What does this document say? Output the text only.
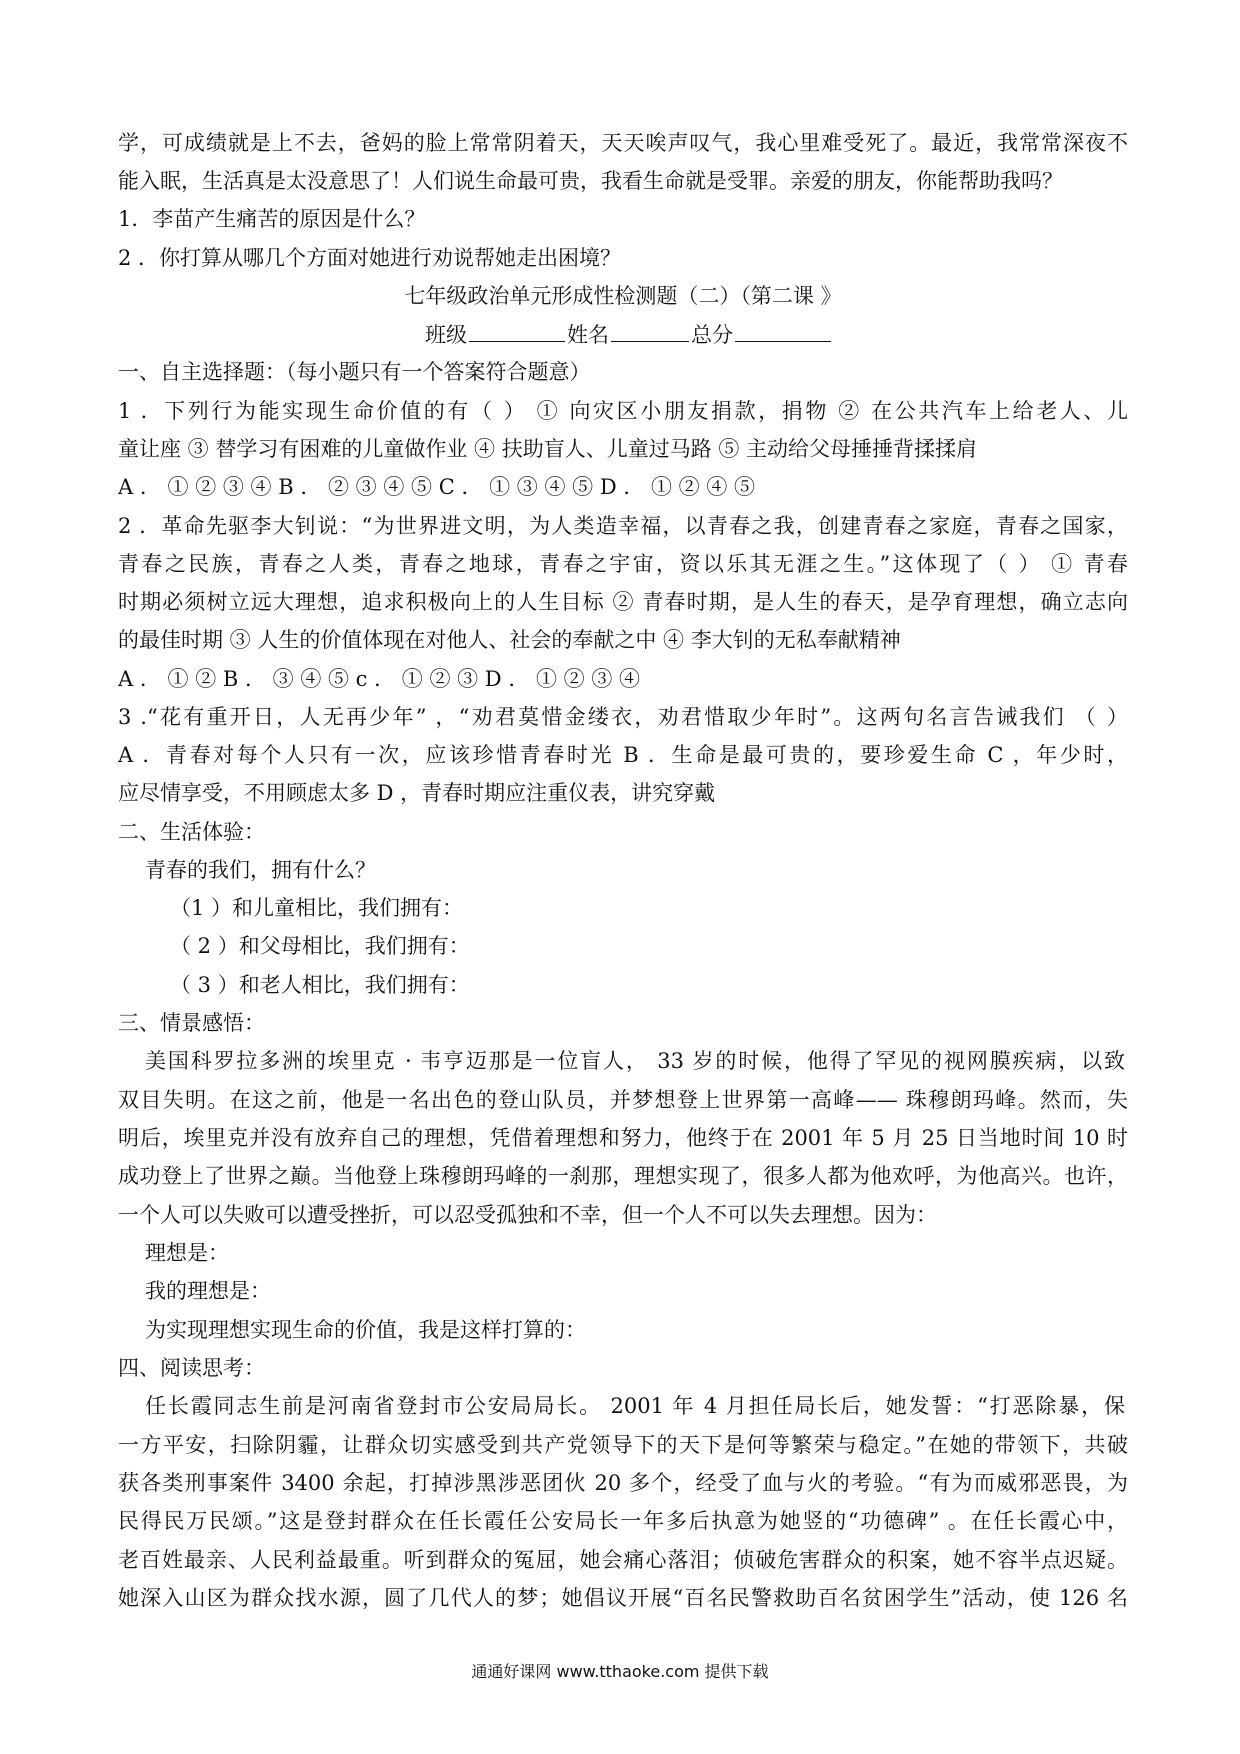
学，可成绩就是上不去，爸妈的脸上常常阴着天，天天唉声叹气，我心里难受死了。最近，我常常深夜不
能入眠，生活真是太没意思了！人们说生命最可贵，我看生命就是受罪。亲爱的朋友，你能帮助我吗？
1．李苗产生痛苦的原因是什么？
2 ．你打算从哪几个方面对她进行劝说帮她走出困境？
一、自主选择题：（每小题只有一个答案符合题意）
1 ．下列行为能实现生命价值的有（ ） ① 向灾区小朋友捐款，捐物 ② 在公共汽车上给老人、儿
童让座 ③ 替学习有困难的儿童做作业 ④ 扶助盲人、儿童过马路 ⑤ 主动给父母捶捶背揉揉肩
A ． ① ② ③ ④ B ． ② ③ ④ ⑤ C ． ① ③ ④ ⑤ D ． ① ② ④ ⑤
2 ．革命先驱李大钊说：“为世界进文明，为人类造幸福，以青春之我，创建青春之家庭，青春之国家，
青春之民族，青春之人类，青春之地球，青春之宇宙，资以乐其无涯之生。”这体现了（ ） ① 青春
时期必须树立远大理想，追求积极向上的人生目标 ② 青春时期，是人生的春天，是孕育理想，确立志向
的最佳时期 ③ 人生的价值体现在对他人、社会的奉献之中 ④ 李大钊的无私奉献精神
A ． ① ② B ． ③ ④ ⑤ c ． ① ② ③ D ． ① ② ③ ④
3 .“花有重开日，人无再少年” ，“劝君莫惜金缕衣，劝君惜取少年时”。这两句名言告诫我们 （ ）
A ．青春对每个人只有一次，应该珍惜青春时光 B ．生命是最可贵的，要珍爱生命 C ，年少时，
应尽情享受，不用顾虑太多 D ，青春时期应注重仪表，讲究穿戴
二、生活体验：
青春的我们，拥有什么？
（1 ）和儿童相比，我们拥有：
（ 2 ）和父母相比，我们拥有：
（ 3 ）和老人相比，我们拥有：
三、情景感悟：
美国科罗拉多洲的埃里克 · 韦亨迈那是一位盲人， 33 岁的时候，他得了罕见的视网膜疾病，以致
双目失明。在这之前，他是一名出色的登山队员，并梦想登上世界第一高峰—— 珠穆朗玛峰。然而，失
明后，埃里克并没有放弃自己的理想，凭借着理想和努力，他终于在 2001 年 5 月 25 日当地时间 10 时
成功登上了世界之巅。当他登上珠穆朗玛峰的一刹那，理想实现了，很多人都为他欢呼，为他高兴。也许，
一个人可以失败可以遭受挫折，可以忍受孤独和不幸，但一个人不可以失去理想。因为：
理想是：
我的理想是：
为实现理想实现生命的价值，我是这样打算的：
四、阅读思考：
任长霞同志生前是河南省登封市公安局局长。 2001 年 4 月担任局长后，她发誓：“打恶除暴，保
一方平安，扫除阴霾，让群众切实感受到共产党领导下的天下是何等繁荣与稳定。”在她的带领下，共破
获各类刑事案件 3400 余起，打掉涉黑涉恶团伙 20 多个，经受了血与火的考验。“有为而威邪恶畏，为
民得民万民颂。”这是登封群众在任长霞任公安局长一年多后执意为她竖的“功德碑” 。在任长霞心中，
老百姓最亲、人民利益最重。听到群众的冤屈，她会痛心落泪；侦破危害群众的积案，她不容半点迟疑。
她深入山区为群众找水源，圆了几代人的梦；她倡议开展“百名民警救助百名贫困学生”活动，使 126 名
七年级政治单元形成性检测题（二）（第二课 》
班级	姓名	总分
通通好课网 www.tthaoke.com 提供下载
